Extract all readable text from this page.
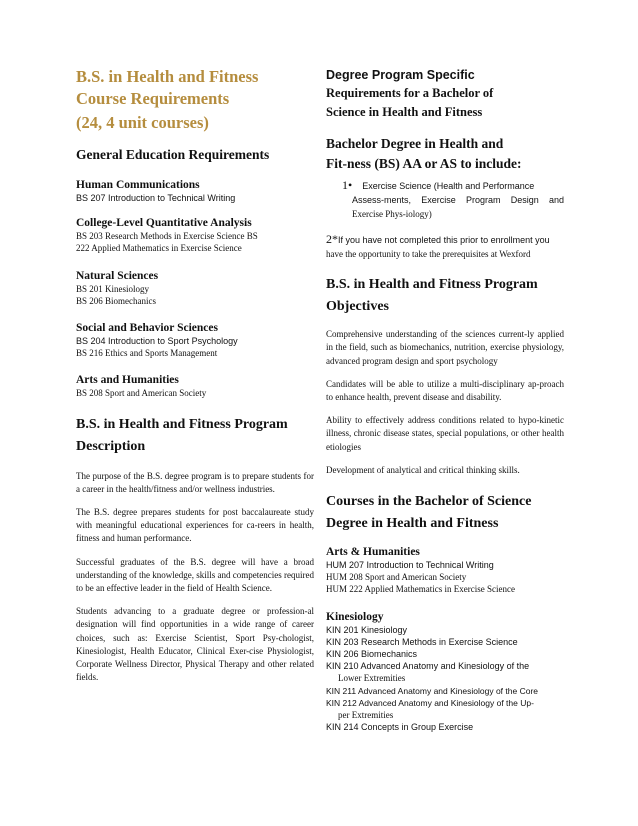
B.S. in Health and Fitness

Course Requirements

(24, 4 unit courses)

General Education Requirements
Human Communications

BS 207 Introduction to Technical Writing

College-Level Quantitative Analysis

BS 203 Research Methods in Exercise Science BS

222 Applied Mathematics in Exercise Science

Natural Sciences

BS 201 Kinesiology

BS 206 Biomechanics

Social and Behavior Sciences

BS 204 Introduction to Sport Psychology

BS 216 Ethics and Sports Management

Arts and Humanities

BS 208 Sport and American Society

B.S. in Health and Fitness Program
Description

The purpose of the B.S. degree program is to prepare students for a career in the health/fitness and/or wellness industries.

The B.S. degree prepares students for post baccalaureate study with meaningful educational experiences for ca-reers in health, fitness and human performance.

Successful graduates of the B.S. degree will have a broad understanding of the knowledge, skills and competencies required to be an effective leader in the field of Health Science.

Students advancing to a graduate degree or profession-al designation will find opportunities in a wide range of career choices, such as: Exercise Scientist, Sport Psy-chologist, Kinesiologist, Health Educator, Clinical Exer-cise Physiologist, Corporate Wellness Director, Physical Therapy and other related fields.

Degree Program Specific

Requirements for a Bachelor of
Science in Health and Fitness
Bachelor Degree in Health and
Fit-ness (BS) AA or AS to include:
1• Exercise Science (Health and Performance
Assess-ments, Exercise Program Design and
Exercise Phys-iology)

2*If you have not completed this prior to enrollment you

have the opportunity to take the prerequisites at Wexford

B.S. in Health and Fitness Program
Objectives

Comprehensive understanding of the sciences current-ly applied in the field, such as biomechanics, nutrition, exercise physiology, advanced program design and sport psychology

Candidates will be able to utilize a multi-disciplinary ap-proach to enhance health, prevent disease and disability.

Ability to effectively address conditions related to hypo-kinetic illness, chronic disease states, special populations, or other health etiologies

Development of analytical and critical thinking skills.

Courses in the Bachelor of Science
Degree in Health and Fitness
Arts & Humanities

HUM 207 Introduction to Technical Writing

HUM 208 Sport and American Society

HUM 222 Applied Mathematics in Exercise Science

Kinesiology

KIN 201 Kinesiology

KIN 203 Research Methods in Exercise Science

KIN 206 Biomechanics

KIN 210 Advanced Anatomy and Kinesiology of the

Lower Extremities

KIN 211 Advanced Anatomy and Kinesiology of the Core

KIN 212 Advanced Anatomy and Kinesiology of the Up-

per Extremities

KIN 214 Concepts in Group Exercise
